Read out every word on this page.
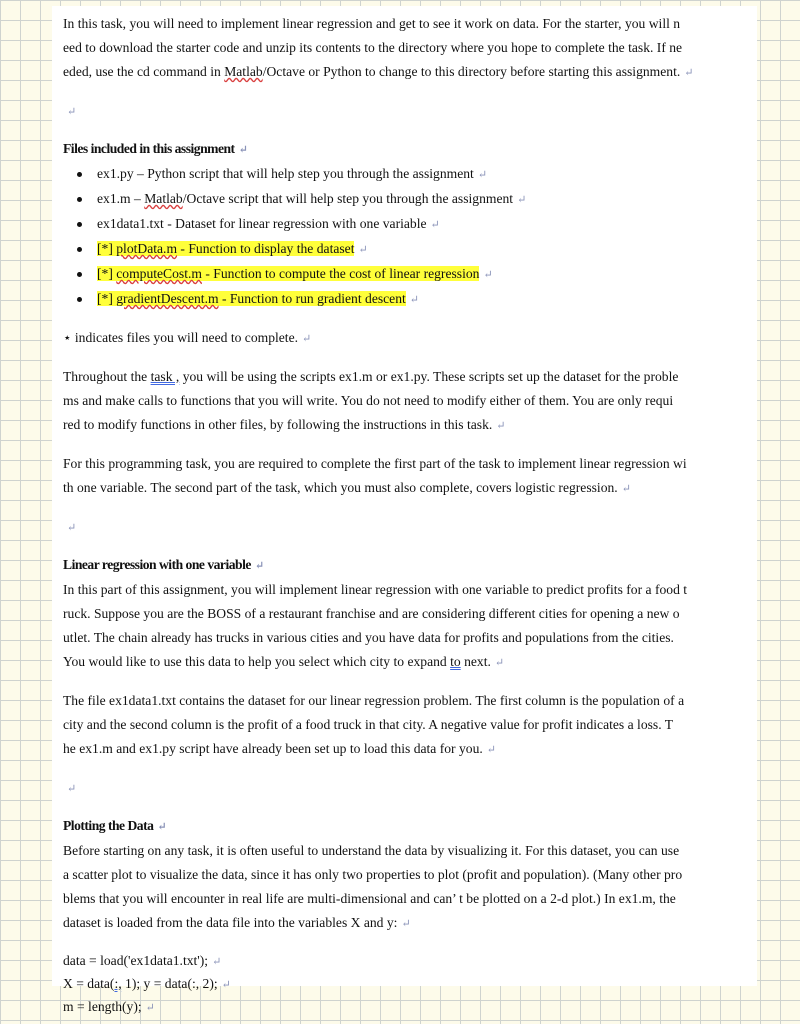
In this task, you will need to implement linear regression and get to see it work on data. For the starter, you will n
eed to download the starter code and unzip its contents to the directory where you hope to complete the task. If ne
eded, use the cd command in Matlab/Octave or Python to change to this directory before starting this assignment. ↵

↵

Files included in this assignment ↵

ex1.py – Python script that will help step you through the assignment ↵
ex1.m – Matlab/Octave script that will help step you through the assignment ↵
ex1data1.txt - Dataset for linear regression with one variable ↵
[*] plotData.m - Function to display the dataset ↵
[*] computeCost.m - Function to compute the cost of linear regression ↵
[*] gradientDescent.m - Function to run gradient descent ↵

⋆ indicates files you will need to complete. ↵

Throughout the task , you will be using the scripts ex1.m or ex1.py. These scripts set up the dataset for the proble
ms and make calls to functions that you will write. You do not need to modify either of them. You are only requi
red to modify functions in other files, by following the instructions in this task. ↵

For this programming task, you are required to complete the first part of the task to implement linear regression wi
th one variable. The second part of the task, which you must also complete, covers logistic regression. ↵

↵

Linear regression with one variable ↵

In this part of this assignment, you will implement linear regression with one variable to predict profits for a food t
ruck. Suppose you are the BOSS of a restaurant franchise and are considering different cities for opening a new o
utlet. The chain already has trucks in various cities and you have data for profits and populations from the cities.
You would like to use this data to help you select which city to expand to next. ↵

The file ex1data1.txt contains the dataset for our linear regression problem. The first column is the population of a
city and the second column is the profit of a food truck in that city. A negative value for profit indicates a loss. T
he ex1.m and ex1.py script have already been set up to load this data for you. ↵

↵

Plotting the Data ↵

Before starting on any task, it is often useful to understand the data by visualizing it. For this dataset, you can use
a scatter plot to visualize the data, since it has only two properties to plot (profit and population). (Many other pro
blems that you will encounter in real life are multi-dimensional and can’ t be plotted on a 2-d plot.) In ex1.m, the
dataset is loaded from the data file into the variables X and y: ↵

data = load('ex1data1.txt'); ↵
X = data(:, 1); y = data(:, 2); ↵
m = length(y); ↵
